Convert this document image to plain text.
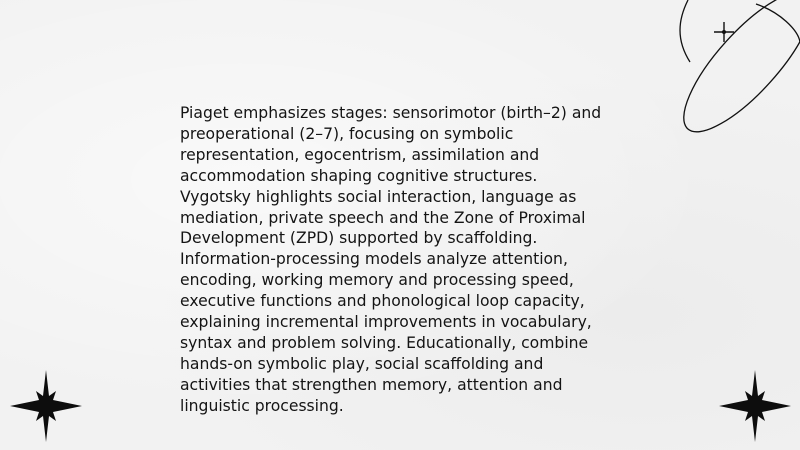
Piaget emphasizes stages: sensorimotor (birth–2) and
preoperational (2–7), focusing on symbolic
representation, egocentrism, assimilation and
accommodation shaping cognitive structures.
Vygotsky highlights social interaction, language as
mediation, private speech and the Zone of Proximal
Development (ZPD) supported by scaffolding.
Information-processing models analyze attention,
encoding, working memory and processing speed,
executive functions and phonological loop capacity,
explaining incremental improvements in vocabulary,
syntax and problem solving. Educationally, combine
hands-on symbolic play, social scaffolding and
activities that strengthen memory, attention and
linguistic processing.
